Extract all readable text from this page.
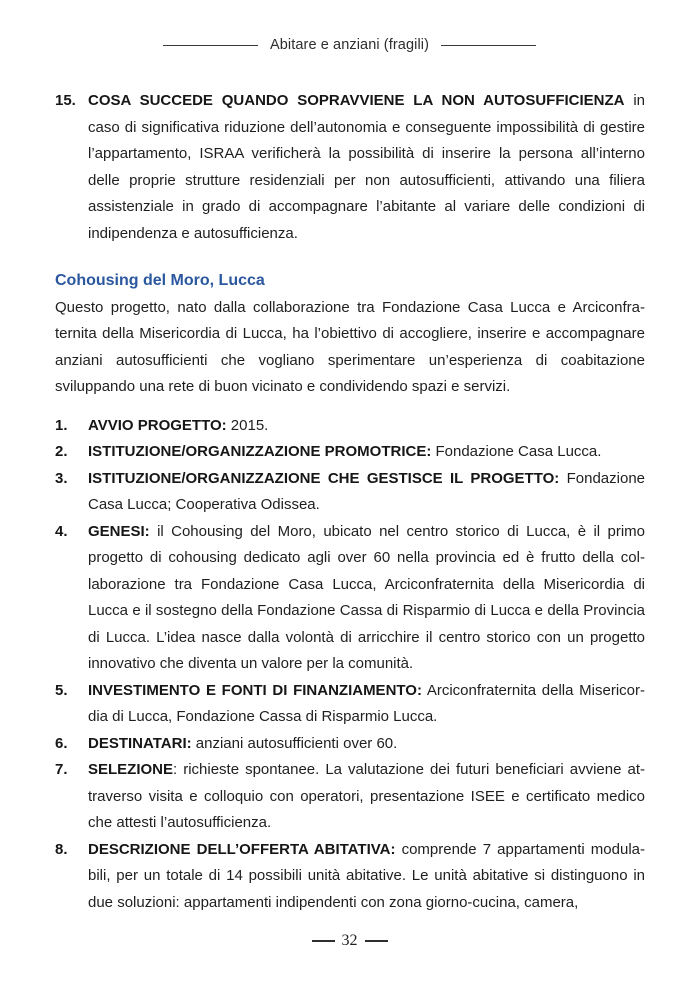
Abitare e anziani (fragili)
15. COSA SUCCEDE QUANDO SOPRAVVIENE LA NON AUTOSUFFICIENZA in caso di significativa riduzione dell’autonomia e conseguente impossibilità di gestire l’appartamento, ISRAA verificherà la possibilità di inserire la persona all’interno delle proprie strutture residenziali per non autosufficienti, attivando una filiera assistenziale in grado di accompagnare l’abitante al variare delle condizioni di indipendenza e autosufficienza.

Cohousing del Moro, Lucca

Questo progetto, nato dalla collaborazione tra Fondazione Casa Lucca e Arciconfraternita della Misericordia di Lucca, ha l’obiettivo di accogliere, inserire e accompagnare anziani autosufficienti che vogliano sperimentare un’esperienza di coabitazione sviluppando una rete di buon vicinato e condividendo spazi e servizi.

1.	AVVIO PROGETTO: 2015.

2.	ISTITUZIONE/ORGANIZZAZIONE PROMOTRICE: Fondazione Casa Lucca.

3.	ISTITUZIONE/ORGANIZZAZIONE CHE GESTISCE IL PROGETTO: Fondazione Casa Lucca; Cooperativa Odissea.

4.	GENESI: il Cohousing del Moro, ubicato nel centro storico di Lucca, è il primo progetto di cohousing dedicato agli over 60 nella provincia ed è frutto della collaborazione tra Fondazione Casa Lucca, Arciconfraternita della Misericordia di Lucca e il sostegno della Fondazione Cassa di Risparmio di Lucca e della Provincia di Lucca. L’idea nasce dalla volontà di arricchire il centro storico con un progetto innovativo che diventa un valore per la comunità.

5.	INVESTIMENTO E FONTI DI FINANZIAMENTO: Arciconfraternita della Misericordia di Lucca, Fondazione Cassa di Risparmio Lucca.

6.	DESTINATARI: anziani autosufficienti over 60.

7.	SELEZIONE: richieste spontanee. La valutazione dei futuri beneficiari avviene attraverso visita e colloquio con operatori, presentazione ISEE e certificato medico che attesti l’autosufficienza.

8.	DESCRIZIONE DELL’OFFERTA ABITATIVA: comprende 7 appartamenti modulabili, per un totale di 14 possibili unità abitative. Le unità abitative si distinguono in due soluzioni: appartamenti indipendenti con zona giorno-cucina, camera,

32
